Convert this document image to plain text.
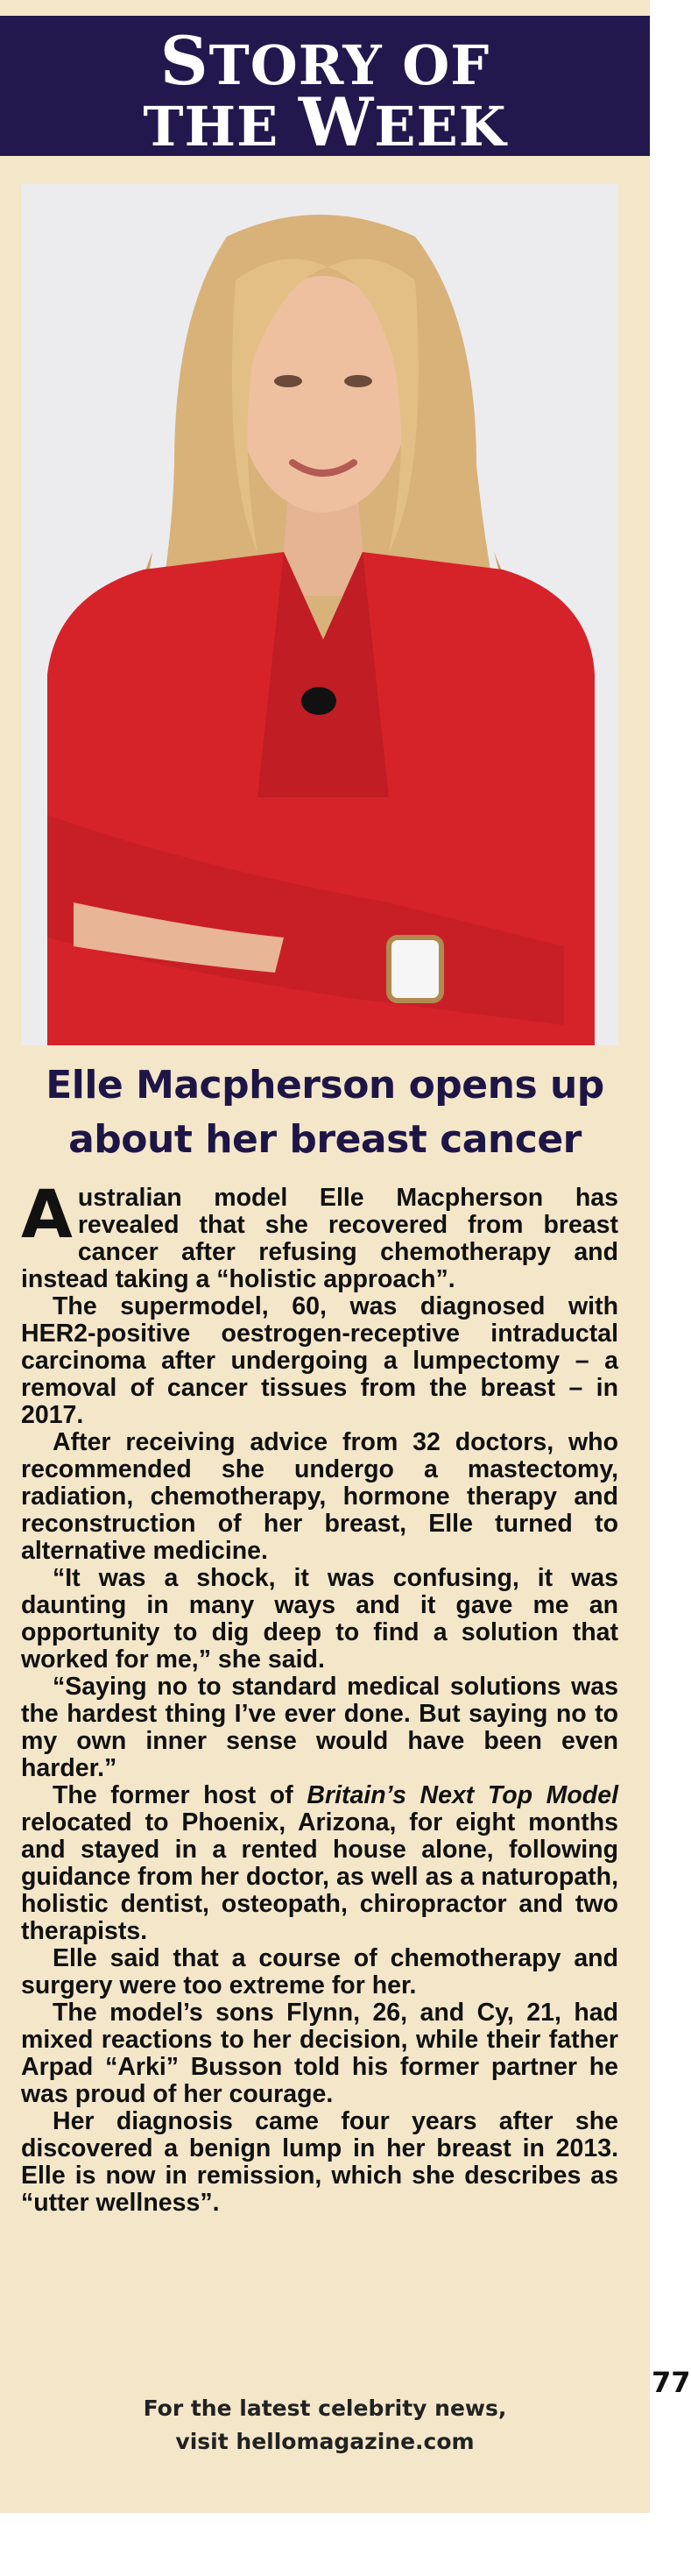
STORY OF
THE WEEK
Elle Macpherson opens up
about her breast cancer

Australian model Elle Macpherson has revealed that she recovered from breast cancer after refusing chemotherapy and instead taking a “holistic approach”.

The supermodel, 60, was diagnosed with HER2-positive oestrogen-receptive intraductal carcinoma after undergoing a lumpectomy – a removal of cancer tissues from the breast – in 2017.

After receiving advice from 32 doctors, who recommended she undergo a mastectomy, radiation, chemotherapy, hormone therapy and reconstruction of her breast, Elle turned to alternative medicine.

“It was a shock, it was confusing, it was daunting in many ways and it gave me an opportunity to dig deep to find a solution that worked for me,” she said.

“Saying no to standard medical solutions was the hardest thing I’ve ever done. But saying no to my own inner sense would have been even harder.”

The former host of Britain’s Next Top Model relocated to Phoenix, Arizona, for eight months and stayed in a rented house alone, following guidance from her doctor, as well as a naturopath, holistic dentist, osteopath, chiropractor and two therapists.

Elle said that a course of chemotherapy and surgery were too extreme for her.

The model’s sons Flynn, 26, and Cy, 21, had mixed reactions to her decision, while their father Arpad “Arki” Busson told his former partner he was proud of her courage.

Her diagnosis came four years after she discovered a benign lump in her breast in 2013. Elle is now in remission, which she describes as “utter wellness”.

77
For the latest celebrity news,
visit hellomagazine.com
